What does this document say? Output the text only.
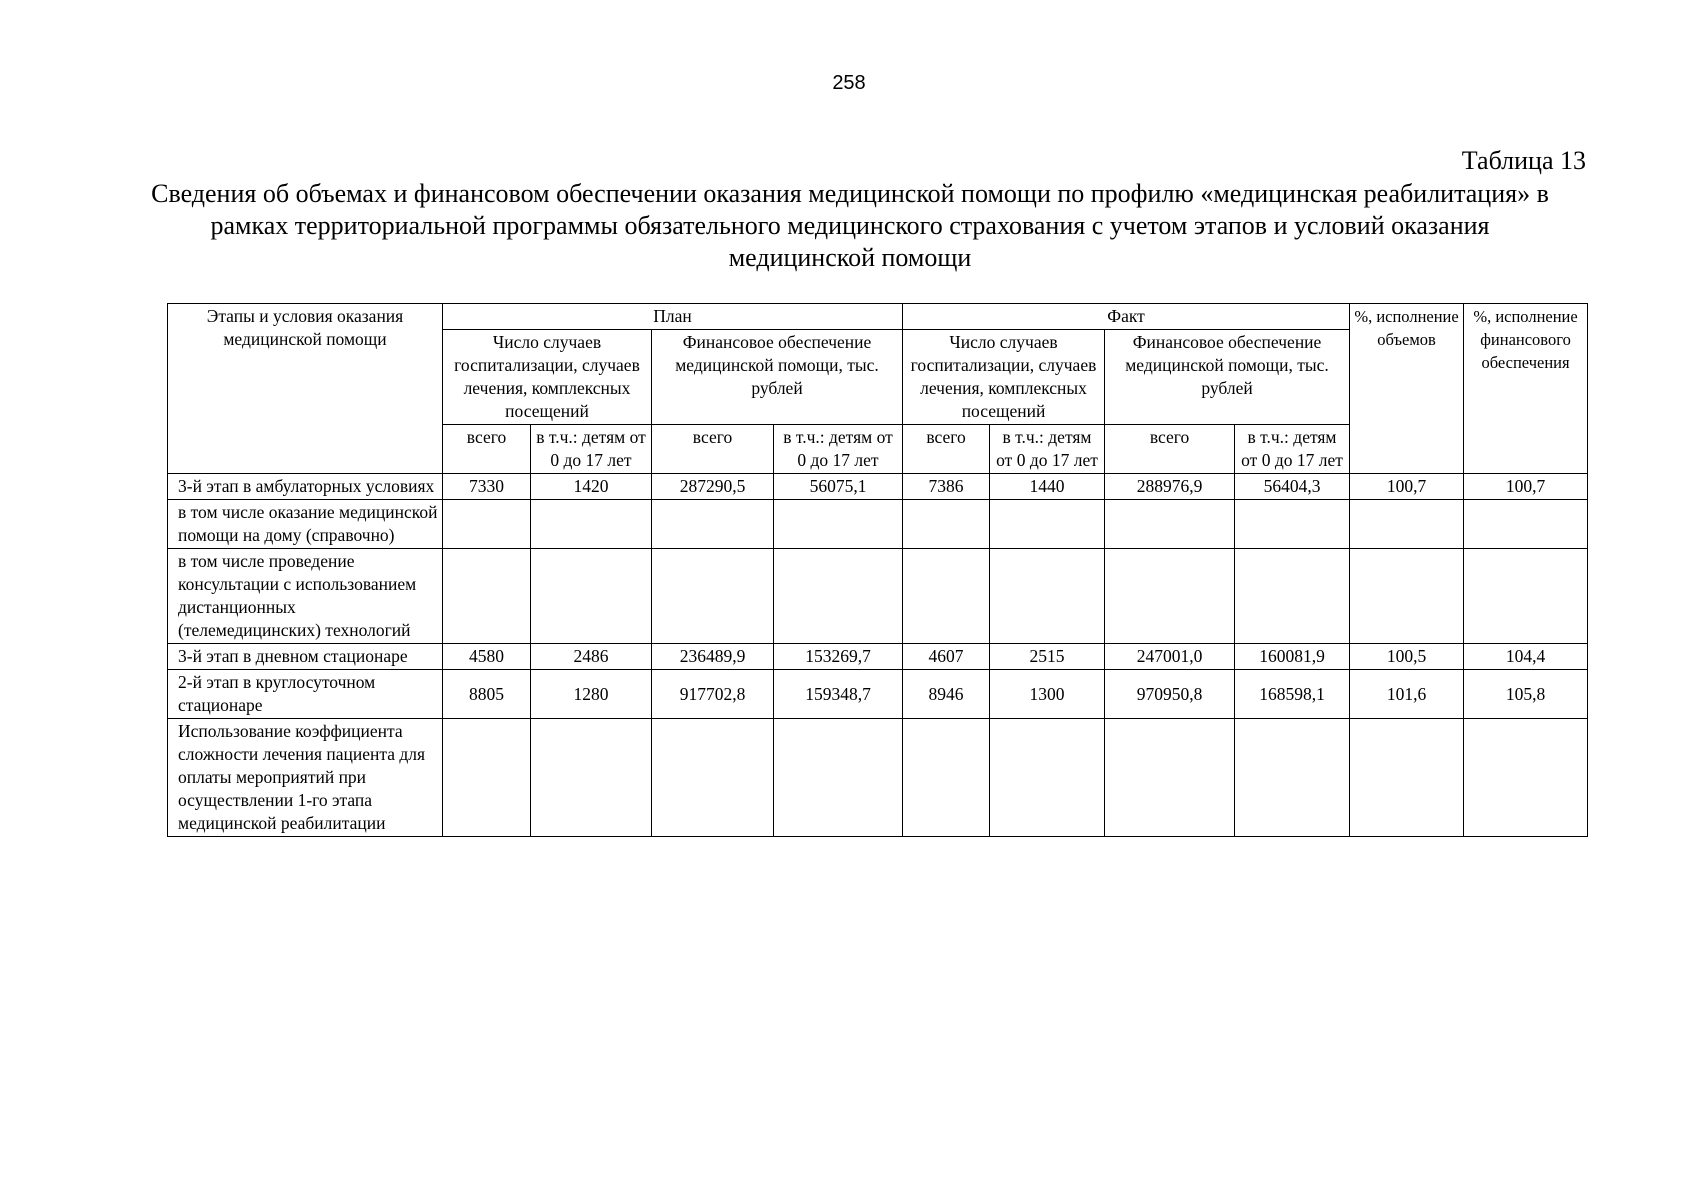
258
Таблица 13
Сведения об объемах и финансовом обеспечении оказания медицинской помощи по профилю «медицинская реабилитация» в рамках территориальной программы обязательного медицинского страхования с учетом этапов и условий оказания медицинской помощи
Этапы и условия оказания медицинской помощи	План				Факт				%, исполнение объемов	%, исполнение финансового обеспечения
	Число случаев госпитализации, случаев лечения, комплексных посещений		Финансовое обеспечение медицинской помощи, тыс. рублей		Число случаев госпитализации, случаев лечения, комплексных посещений		Финансовое обеспечение медицинской помощи, тыс. рублей			
	всего	в т.ч.: детям от 0 до 17 лет	всего	в т.ч.: детям от 0 до 17 лет	всего	в т.ч.: детям от 0 до 17 лет	всего	в т.ч.: детям от 0 до 17 лет		
3-й этап в амбулаторных условиях	7330	1420	287290,5	56075,1	7386	1440	288976,9	56404,3	100,7	100,7
в том числе оказание медицинской помощи на дому (справочно)										
в том числе проведение консультации с использованием дистанционных (телемедицинских) технологий										
3-й этап в дневном стационаре	4580	2486	236489,9	153269,7	4607	2515	247001,0	160081,9	100,5	104,4
2-й этап в круглосуточном стационаре	8805	1280	917702,8	159348,7	8946	1300	970950,8	168598,1	101,6	105,8
Использование коэффициента сложности лечения пациента для оплаты мероприятий при осуществлении 1-го этапа медицинской реабилитации										
